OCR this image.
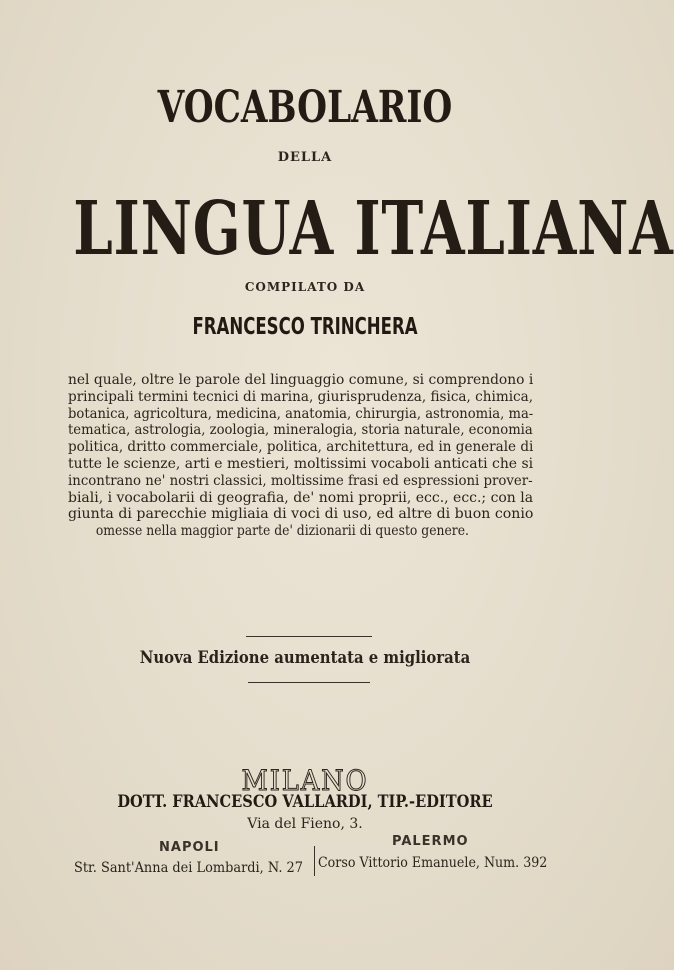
VOCABOLARIO
DELLA
LINGUA ITALIANA
COMPILATO DA
FRANCESCO TRINCHERA
nel quale, oltre le parole del linguaggio comune, si comprendono i
principali termini tecnici di marina, giurisprudenza, fisica, chimica,
botanica, agricoltura, medicina, anatomia, chirurgia, astronomia, ma-
tematica, astrologia, zoologia, mineralogia, storia naturale, economia
politica, dritto commerciale, politica, architettura, ed in generale di
tutte le scienze, arti e mestieri, moltissimi vocaboli anticati che si
incontrano ne' nostri classici, moltissime frasi ed espressioni prover-
biali, i vocabolarii di geografia, de' nomi proprii, ecc., ecc.; con la
giunta di parecchie migliaia di voci di uso, ed altre di buon conio
omesse nella maggior parte de' dizionarii di questo genere.
Nuova Edizione aumentata e migliorata
MILANO
DOTT. FRANCESCO VALLARDI, TIP.-EDITORE
Via del Fieno, 3.
NAPOLI	PALERMO
Str. Sant'Anna dei Lombardi, N. 27 Corso Vittorio Emanuele, Num. 392
